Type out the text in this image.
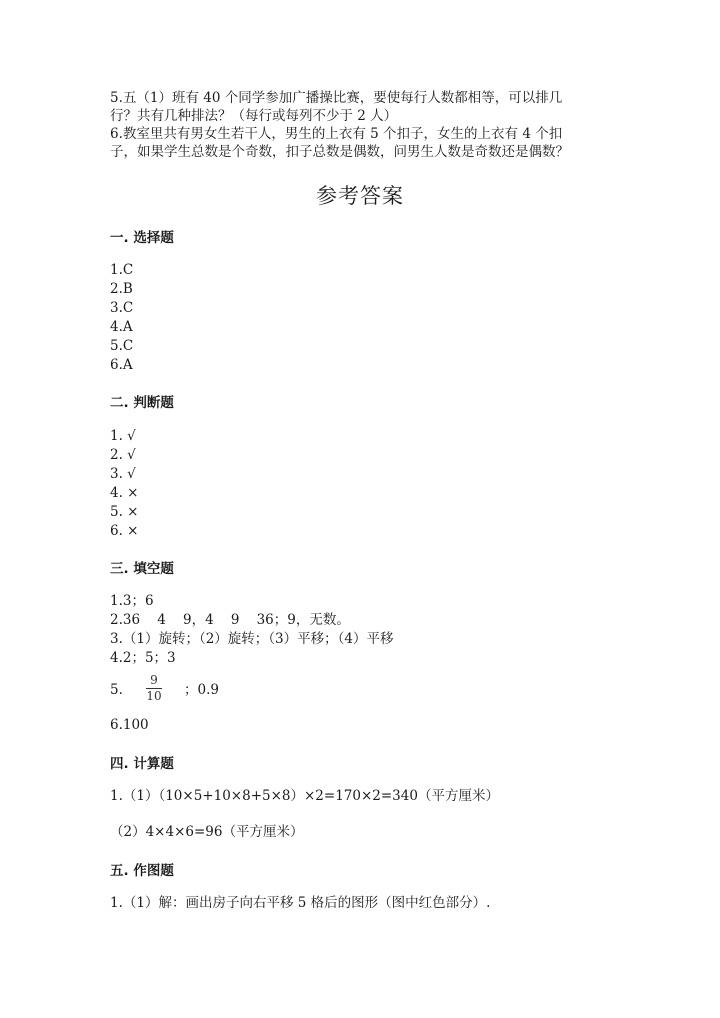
5.五（1）班有 40 个同学参加广播操比赛，要使每行人数都相等，可以排几
行？共有几种排法？（每行或每列不少于 2 人）
6.教室里共有男女生若干人，男生的上衣有 5 个扣子，女生的上衣有 4 个扣
子，如果学生总数是个奇数，扣子总数是偶数，问男生人数是奇数还是偶数？
参考答案
一. 选择题
1.C
2.B
3.C
4.A
5.C
6.A
二. 判断题
1. √
2. √
3. √
4. ×
5. ×
6. ×
三. 填空题
1.3；6
2.36    4    9，4    9    36；9，无数。
3.（1）旋转；（2）旋转；（3）平移；（4）平移
4.2；5；3
5.
9
10 ；0.9
6.100
四. 计算题
1.（1）（10×5+10×8+5×8）×2=170×2=340（平方厘米）
（2）4×4×6=96（平方厘米）
五. 作图题
1.（1）解：画出房子向右平移 5 格后的图形（图中红色部分）.
